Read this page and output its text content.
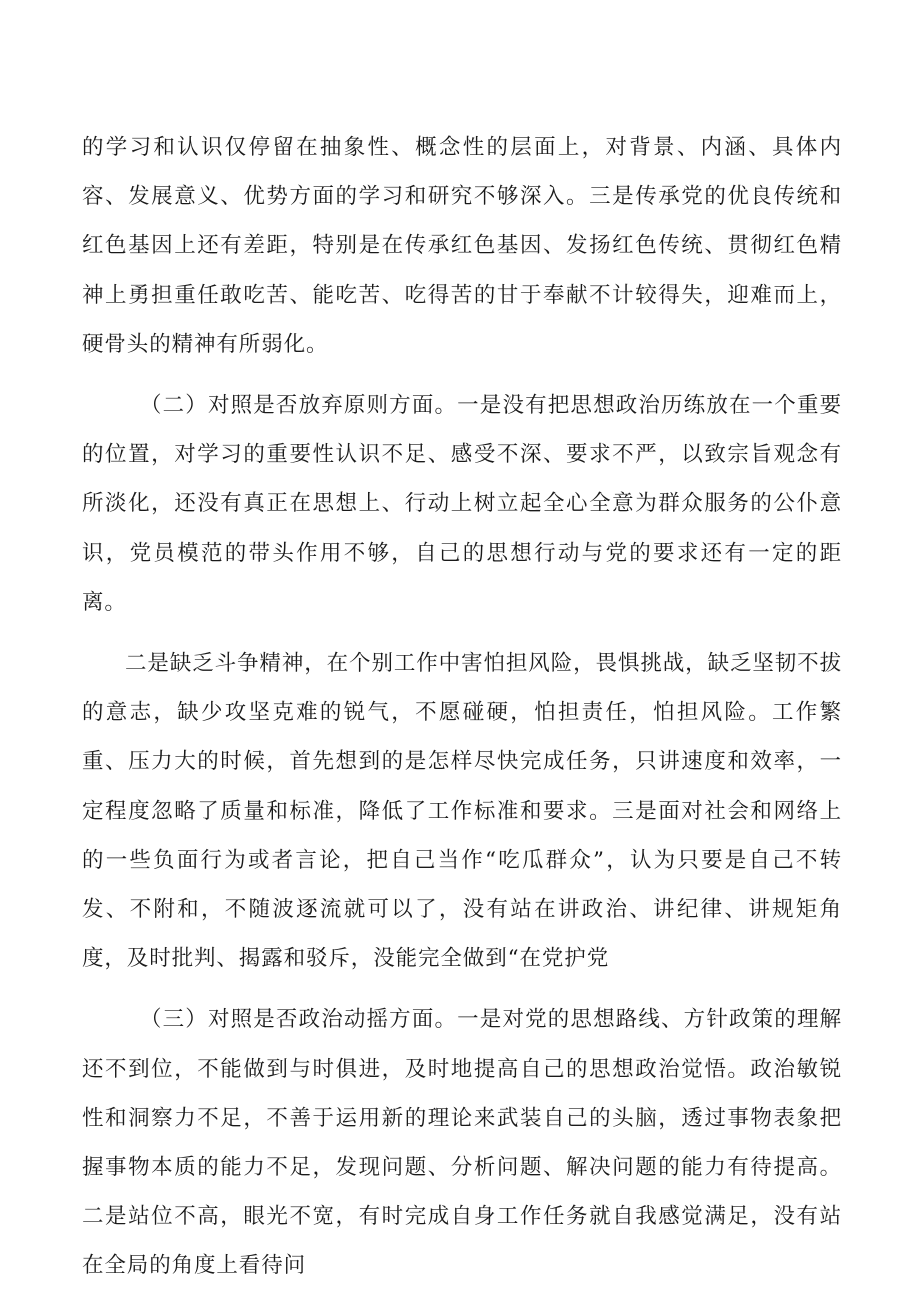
的学习和认识仅停留在抽象性、概念性的层面上，对背景、内涵、具体内容、发展意义、优势方面的学习和研究不够深入。三是传承党的优良传统和红色基因上还有差距，特别是在传承红色基因、发扬红色传统、贯彻红色精神上勇担重任敢吃苦、能吃苦、吃得苦的甘于奉献不计较得失，迎难而上，硬骨头的精神有所弱化。

（二）对照是否放弃原则方面。一是没有把思想政治历练放在一个重要的位置，对学习的重要性认识不足、感受不深、要求不严，以致宗旨观念有所淡化，还没有真正在思想上、行动上树立起全心全意为群众服务的公仆意识，党员模范的带头作用不够，自己的思想行动与党的要求还有一定的距离。

二是缺乏斗争精神，在个别工作中害怕担风险，畏惧挑战，缺乏坚韧不拔的意志，缺少攻坚克难的锐气，不愿碰硬，怕担责任，怕担风险。工作繁重、压力大的时候，首先想到的是怎样尽快完成任务，只讲速度和效率，一定程度忽略了质量和标准，降低了工作标准和要求。三是面对社会和网络上的一些负面行为或者言论，把自己当作“吃瓜群众”，认为只要是自己不转发、不附和，不随波逐流就可以了，没有站在讲政治、讲纪律、讲规矩角度，及时批判、揭露和驳斥，没能完全做到“在党护党

（三）对照是否政治动摇方面。一是对党的思想路线、方针政策的理解还不到位，不能做到与时俱进，及时地提高自己的思想政治觉悟。政治敏锐性和洞察力不足，不善于运用新的理论来武装自己的头脑，透过事物表象把握事物本质的能力不足，发现问题、分析问题、解决问题的能力有待提高。二是站位不高，眼光不宽，有时完成自身工作任务就自我感觉满足，没有站在全局的角度上看待问
